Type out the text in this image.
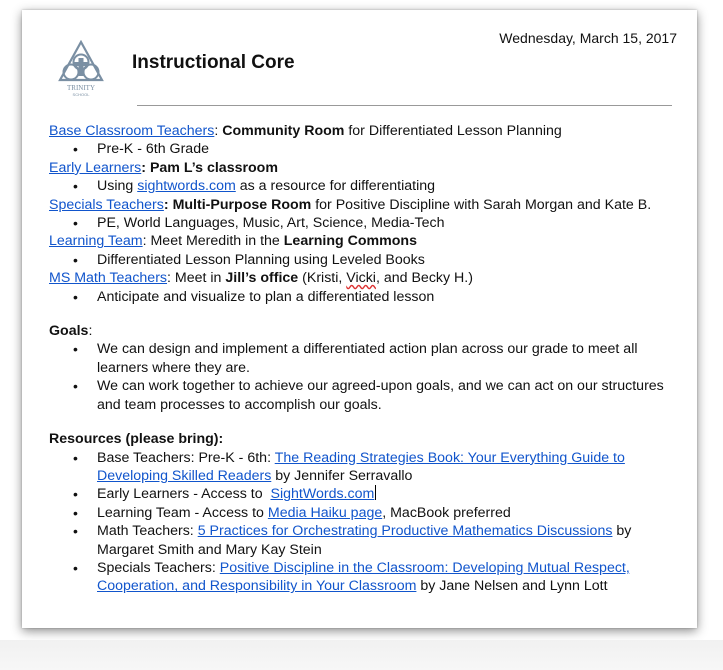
Wednesday, March 15, 2017
TRINITY
SCHOOL
Instructional Core
Base Classroom Teachers: Community Room for Differentiated Lesson Planning
• Pre-K - 6th Grade
Early Learners: Pam L’s classroom
• Using sightwords.com as a resource for differentiating
Specials Teachers: Multi-Purpose Room for Positive Discipline with Sarah Morgan and Kate B.
• PE, World Languages, Music, Art, Science, Media-Tech
Learning Team: Meet Meredith in the Learning Commons
• Differentiated Lesson Planning using Leveled Books
MS Math Teachers: Meet in Jill’s office (Kristi, Vicki, and Becky H.)
• Anticipate and visualize to plan a differentiated lesson
Goals:
• We can design and implement a differentiated action plan across our grade to meet all learners where they are.
• We can work together to achieve our agreed-upon goals, and we can act on our structures and team processes to accomplish our goals.
Resources (please bring):
• Base Teachers: Pre-K - 6th: The Reading Strategies Book: Your Everything Guide to Developing Skilled Readers by Jennifer Serravallo
• Early Learners - Access to  SightWords.com
• Learning Team - Access to Media Haiku page, MacBook preferred
• Math Teachers: 5 Practices for Orchestrating Productive Mathematics Discussions by Margaret Smith and Mary Kay Stein
• Specials Teachers: Positive Discipline in the Classroom: Developing Mutual Respect, Cooperation, and Responsibility in Your Classroom by Jane Nelsen and Lynn Lott
